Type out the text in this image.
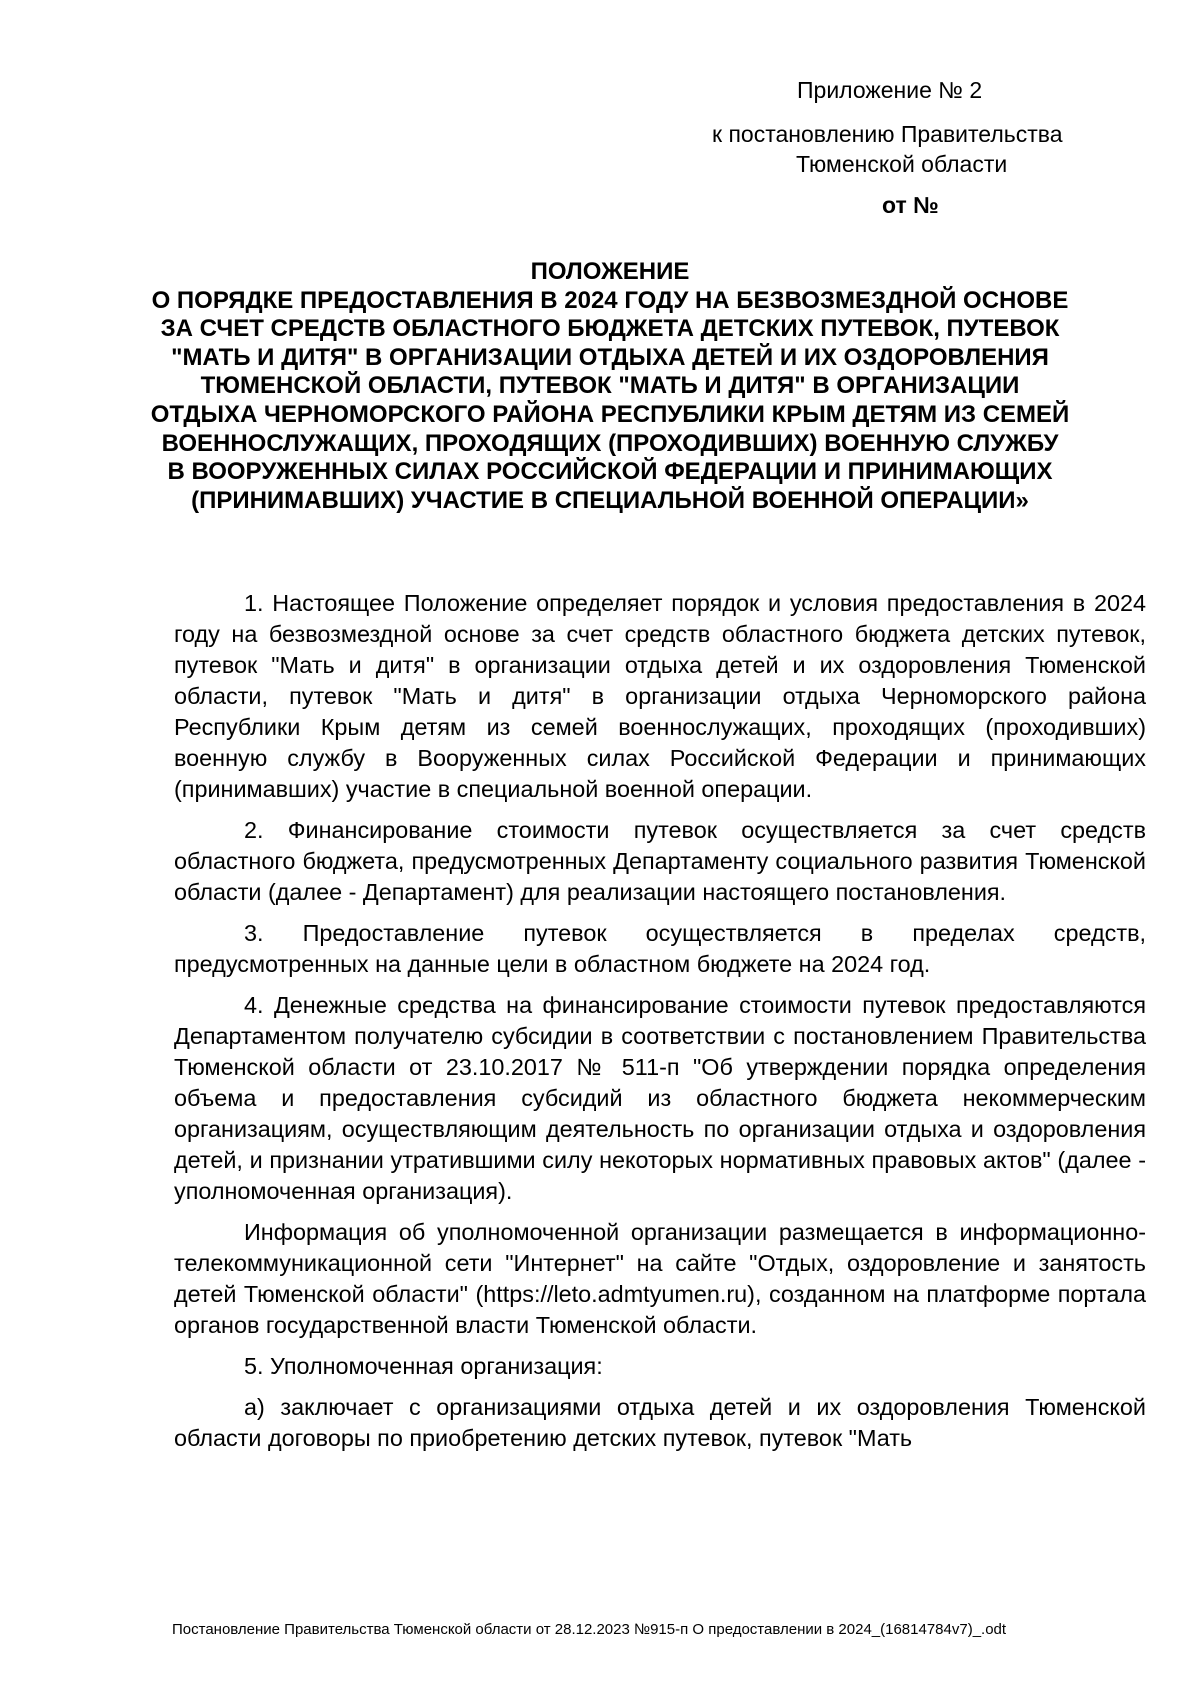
Приложение № 2
к постановлению Правительства
Тюменской области
от №

ПОЛОЖЕНИЕ

О ПОРЯДКЕ ПРЕДОСТАВЛЕНИЯ В 2024 ГОДУ НА БЕЗВОЗМЕЗДНОЙ ОСНОВЕ ЗА СЧЕТ СРЕДСТВ ОБЛАСТНОГО БЮДЖЕТА ДЕТСКИХ ПУТЕВОК, ПУТЕВОК "МАТЬ И ДИТЯ" В ОРГАНИЗАЦИИ ОТДЫХА ДЕТЕЙ И ИХ ОЗДОРОВЛЕНИЯ ТЮМЕНСКОЙ ОБЛАСТИ, ПУТЕВОК "МАТЬ И ДИТЯ" В ОРГАНИЗАЦИИ ОТДЫХА ЧЕРНОМОРСКОГО РАЙОНА РЕСПУБЛИКИ КРЫМ ДЕТЯМ ИЗ СЕМЕЙ ВОЕННОСЛУЖАЩИХ, ПРОХОДЯЩИХ (ПРОХОДИВШИХ) ВОЕННУЮ СЛУЖБУ В ВООРУЖЕННЫХ СИЛАХ РОССИЙСКОЙ ФЕДЕРАЦИИ И ПРИНИМАЮЩИХ (ПРИНИМАВШИХ) УЧАСТИЕ В СПЕЦИАЛЬНОЙ ВОЕННОЙ ОПЕРАЦИИ»

1. Настоящее Положение определяет порядок и условия предоставления в 2024 году на безвозмездной основе за счет средств областного бюджета детских путевок, путевок "Мать и дитя" в организации отдыха детей и их оздоровления Тюменской области, путевок "Мать и дитя" в организации отдыха Черноморского района Республики Крым детям из семей военнослужащих, проходящих (проходивших) военную службу в Вооруженных силах Российской Федерации и принимающих (принимавших) участие в специальной военной операции.

2. Финансирование стоимости путевок осуществляется за счет средств областного бюджета, предусмотренных Департаменту социального развития Тюменской области (далее - Департамент) для реализации настоящего постановления.

3. Предоставление путевок осуществляется в пределах средств, предусмотренных на данные цели в областном бюджете на 2024 год.

4. Денежные средства на финансирование стоимости путевок предоставляются Департаментом получателю субсидии в соответствии с постановлением Правительства Тюменской области от 23.10.2017 № 511-п "Об утверждении порядка определения объема и предоставления субсидий из областного бюджета некоммерческим организациям, осуществляющим деятельность по организации отдыха и оздоровления детей, и признании утратившими силу некоторых нормативных правовых актов" (далее - уполномоченная организация).

Информация об уполномоченной организации размещается в информационно-телекоммуникационной сети "Интернет" на сайте "Отдых, оздоровление и занятость детей Тюменской области" (https://leto.admtyumen.ru), созданном на платформе портала органов государственной власти Тюменской области.

5. Уполномоченная организация:

а) заключает с организациями отдыха детей и их оздоровления Тюменской области договоры по приобретению детских путевок, путевок "Мать

Постановление Правительства Тюменской области от 28.12.2023 №915-п О предоставлении в 2024_(16814784v7)_.odt
